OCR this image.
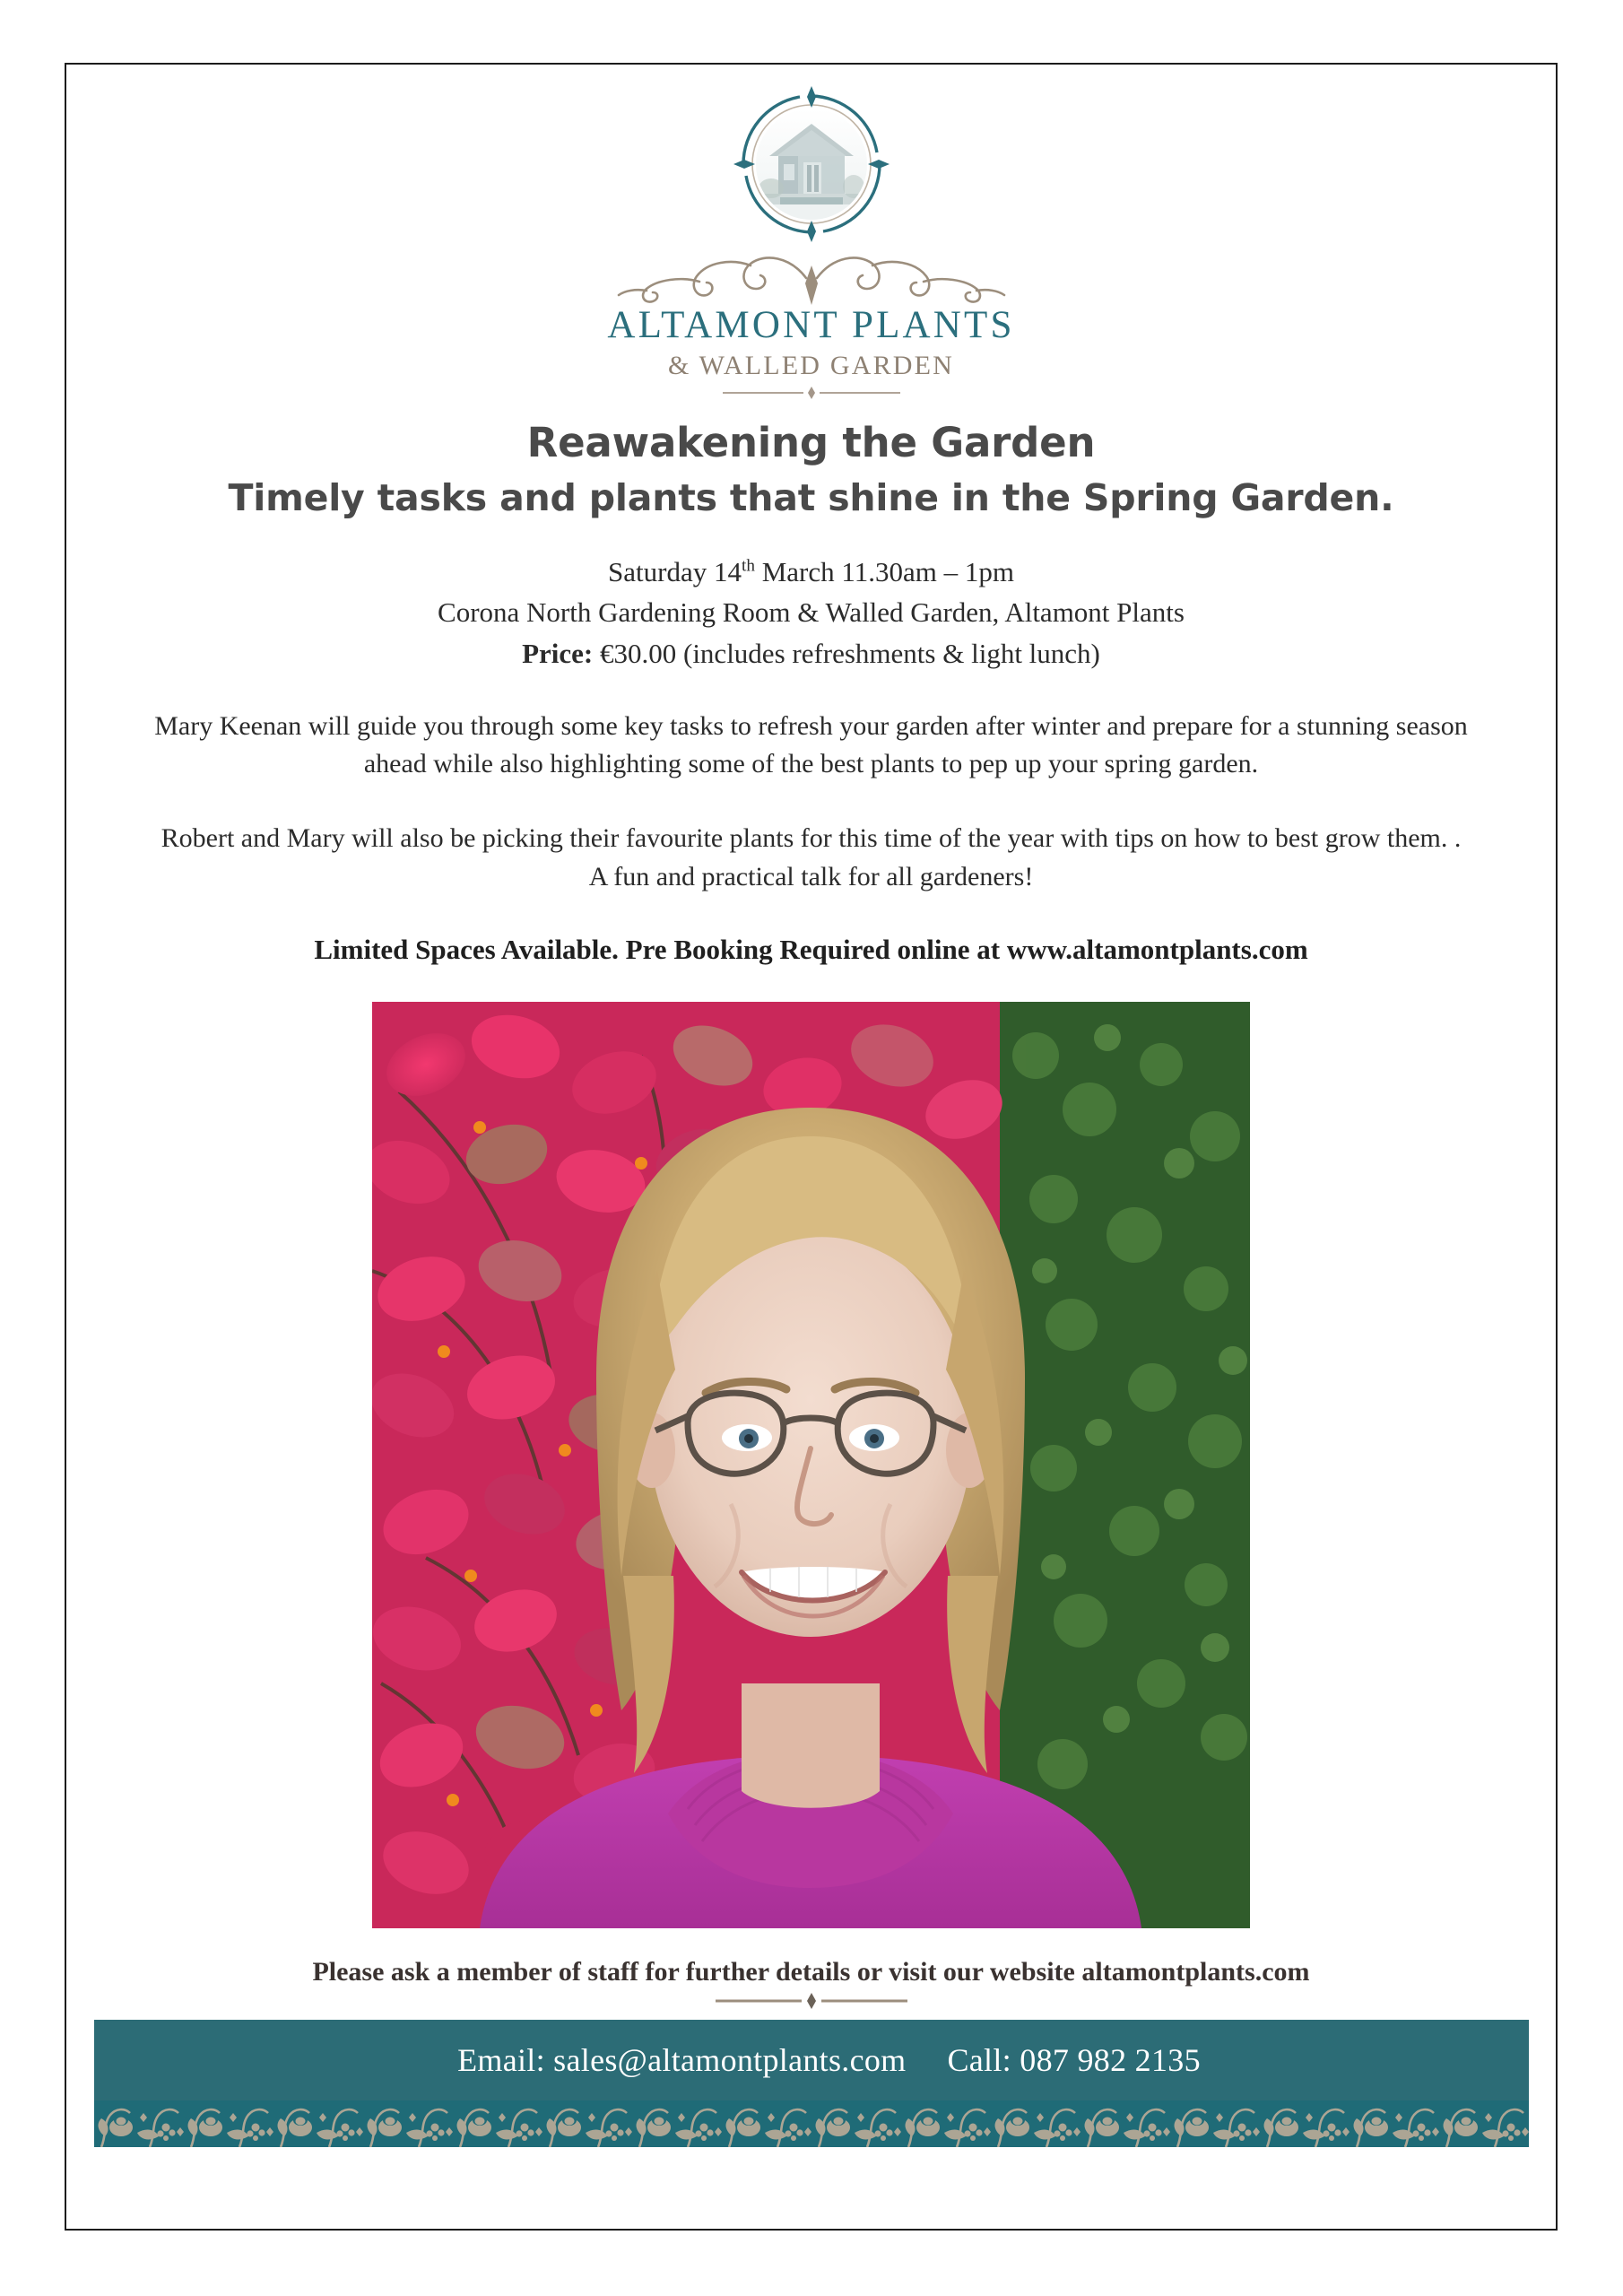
ALTAMONT PLANTS
& WALLED GARDEN
Reawakening the Garden
Timely tasks and plants that shine in the Spring Garden.
Saturday 14th March 11.30am – 1pm
Corona North Gardening Room & Walled Garden, Altamont Plants
Price: €30.00 (includes refreshments & light lunch)
Mary Keenan will guide you through some key tasks to refresh your garden after winter and prepare for a stunning season ahead while also highlighting some of the best plants to pep up your spring garden.
Robert and Mary will also be picking their favourite plants for this time of the year with tips on how to best grow them. . A fun and practical talk for all gardeners!
Limited Spaces Available. Pre Booking Required online at www.altamontplants.com
Please ask a member of staff for further details or visit our website altamontplants.com
Email: sales@altamontplants.com Call: 087 982 2135
